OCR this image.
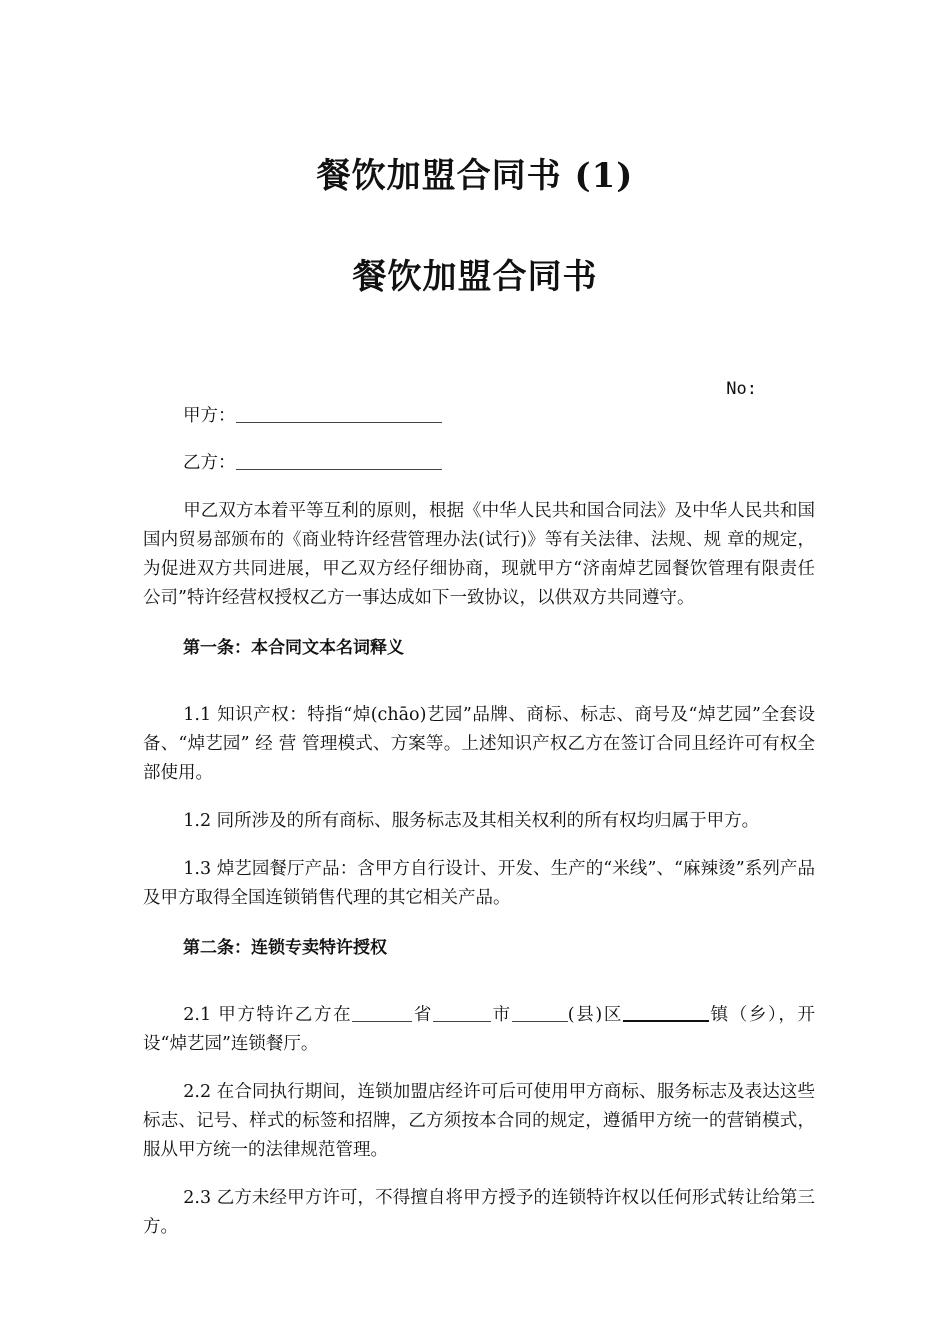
餐饮加盟合同书 (1)
餐饮加盟合同书
No:
甲方：
乙方：
甲乙双方本着平等互利的原则，根据《中华人民共和国合同法》及中华人民共和国国内贸易部颁布的《商业特许经营管理办法(试行)》等有关法律、法规、规 章的规定，为促进双方共同进展，甲乙双方经仔细协商，现就甲方“济南焯艺园餐饮管理有限责任公司”特许经营权授权乙方一事达成如下一致协议，以供双方共同遵守。
第一条：本合同文本名词释义
1.1 知识产权：特指“焯(chāo)艺园”品牌、商标、标志、商号及“焯艺园”全套设备、“焯艺园” 经 营 管理模式、方案等。上述知识产权乙方在签订合同且经许可有权全部使用。
1.2 同所涉及的所有商标、服务标志及其相关权利的所有权均归属于甲方。
1.3 焯艺园餐厅产品：含甲方自行设计、开发、生产的“米线”、“麻辣烫”系列产品及甲方取得全国连锁销售代理的其它相关产品。
第二条：连锁专卖特许授权
2.1 甲方特许乙方在	省	市	(县)区	镇（乡），开设“焯艺园”连锁餐厅。
2.2 在合同执行期间，连锁加盟店经许可后可使用甲方商标、服务标志及表达这些标志、记号、样式的标签和招牌，乙方须按本合同的规定，遵循甲方统一的营销模式，服从甲方统一的法律规范管理。
2.3 乙方未经甲方许可，不得擅自将甲方授予的连锁特许权以任何形式转让给第三方。
